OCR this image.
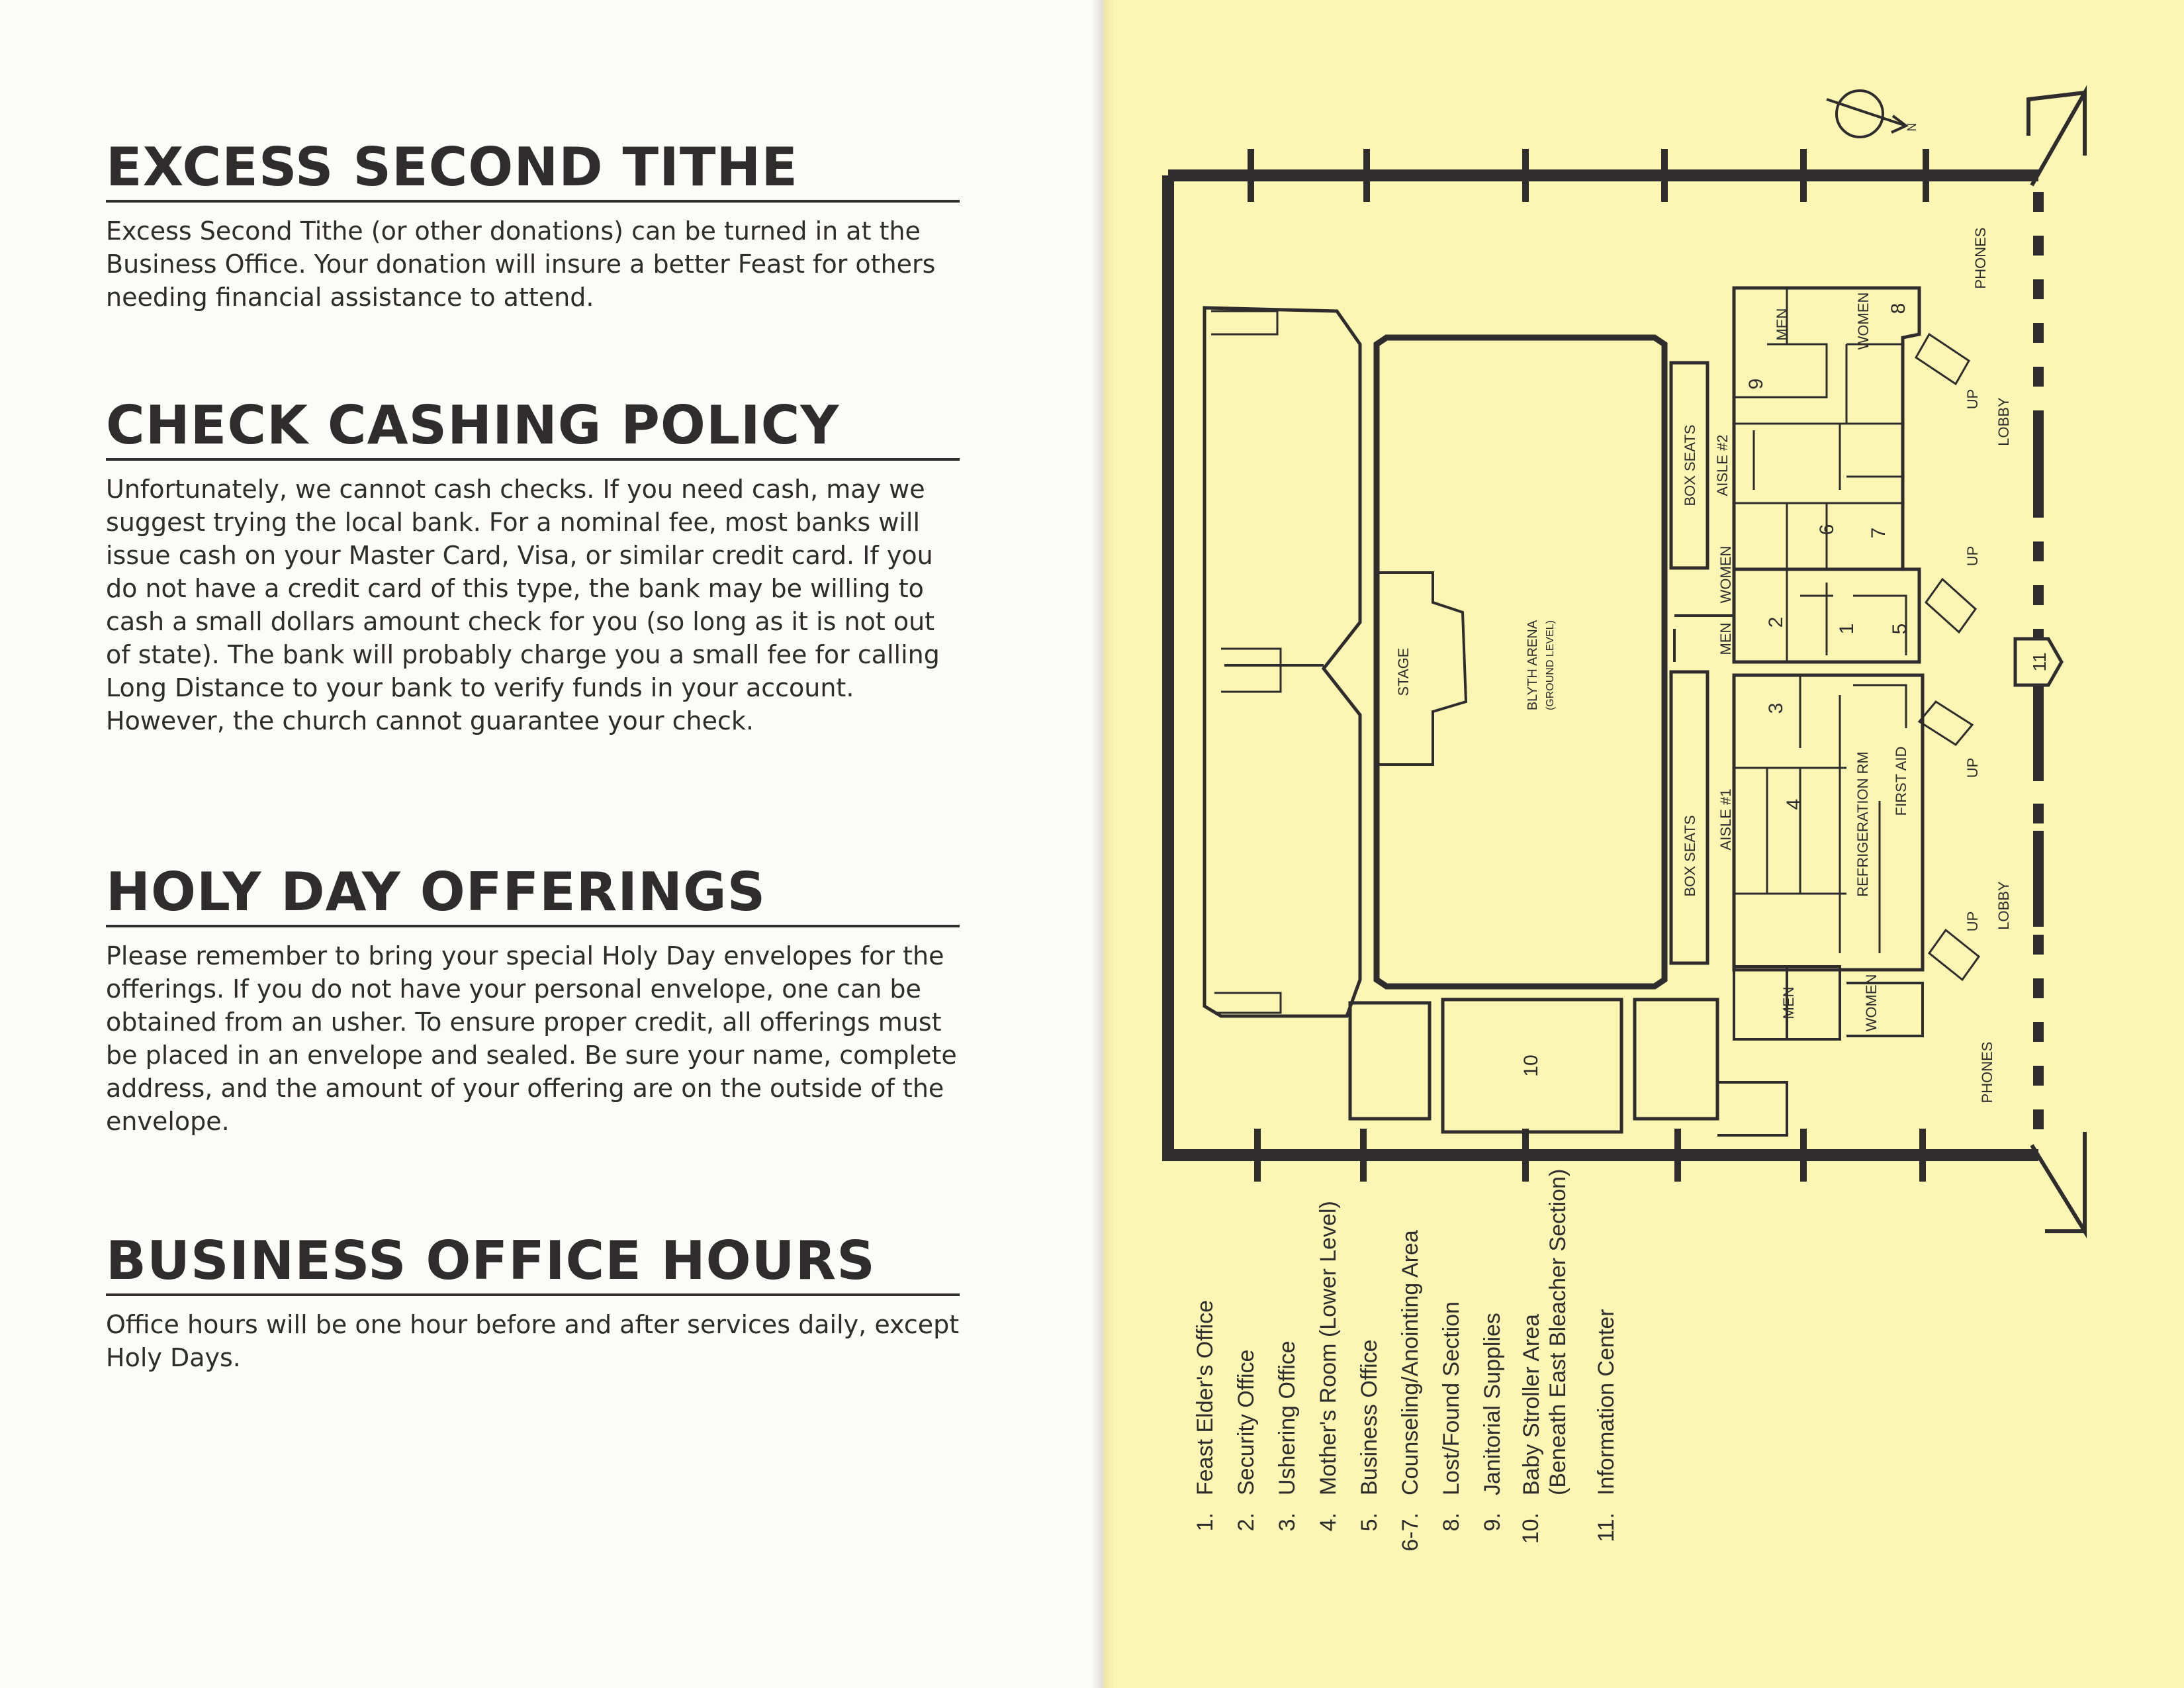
EXCESS SECOND TITHE

Excess Second Tithe (or other donations) can be turned in at the Business Office. Your donation will insure a better Feast for others needing financial assistance to attend.

CHECK CASHING POLICY

Unfortunately, we cannot cash checks. If you need cash, may we suggest trying the local bank. For a nominal fee, most banks will issue cash on your Master Card, Visa, or similar credit card. If you do not have a credit card of this type, the bank may be willing to cash a small dollars amount check for you (so long as it is not out of state). The bank will probably charge you a small fee for calling Long Distance to your bank to verify funds in your account. However, the church cannot guarantee your check.

HOLY DAY OFFERINGS

Please remember to bring your special Holy Day envelopes for the offerings. If you do not have your personal envelope, one can be obtained from an usher. To ensure proper credit, all offerings must be placed in an envelope and sealed. Be sure your name, complete address, and the amount of your offering are on the outside of the envelope.

BUSINESS OFFICE HOURS

Office hours will be one hour before and after services daily, except Holy Days.

STAGE	BLYTH ARENA (GROUND LEVEL)
BOX SEATS
BOX SEATS
AISLE #2
AISLE #1
MEN	WOMEN
WOMEN
MEN
MEN	WOMEN
REFRIGERATION RM FIRST AID
PHONES
PHONES
LOBBY
LOBBY
UP
UP
UP
UP
N
1
2
3
4
5
6 7
8
9
10
11
1.
Feast Elder's Office
2.
Security Office
3.
Ushering Office
4.
Mother's Room (Lower Level)
5.
Business Office
6-7.
Counseling/Anointing Area
8.
Lost/Found Section
9.
Janitorial Supplies
10.
Baby Stroller Area
(Beneath East Bleacher Section)
11.
Information Center
